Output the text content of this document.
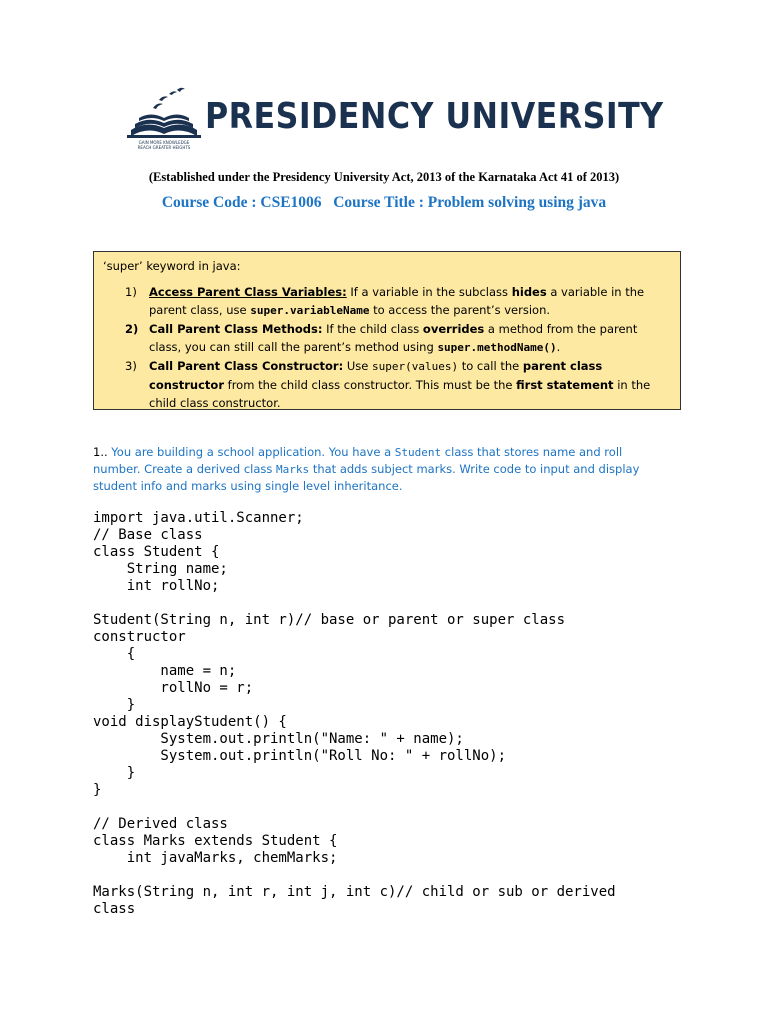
GAIN MORE KNOWLEDGE
REACH GREATER HEIGHTS
PRESIDENCY UNIVERSITY
(Established under the Presidency University Act, 2013 of the Karnataka Act 41 of 2013)
Course Code : CSE1006 Course Title : Problem solving using java
‘super’ keyword in java:
1) Access Parent Class Variables: If a variable in the subclass hides a variable in the parent class, use super.variableName to access the parent’s version.
2) Call Parent Class Methods: If the child class overrides a method from the parent class, you can still call the parent’s method using super.methodName().
3) Call Parent Class Constructor: Use super(values) to call the parent class constructor from the child class constructor. This must be the first statement in the child class constructor.
1.. You are building a school application. You have a Student class that stores name and roll number. Create a derived class Marks that adds subject marks. Write code to input and display student info and marks using single level inheritance.
import java.util.Scanner;
// Base class
class Student {
String name;
int rollNo;

Student(String n, int r)// base or parent or super class
constructor
{
name = n;
rollNo = r;
}
void displayStudent() {
System.out.println("Name: " + name);
System.out.println("Roll No: " + rollNo);
}
}

// Derived class
class Marks extends Student {
int javaMarks, chemMarks;

Marks(String n, int r, int j, int c)// child or sub or derived
class
